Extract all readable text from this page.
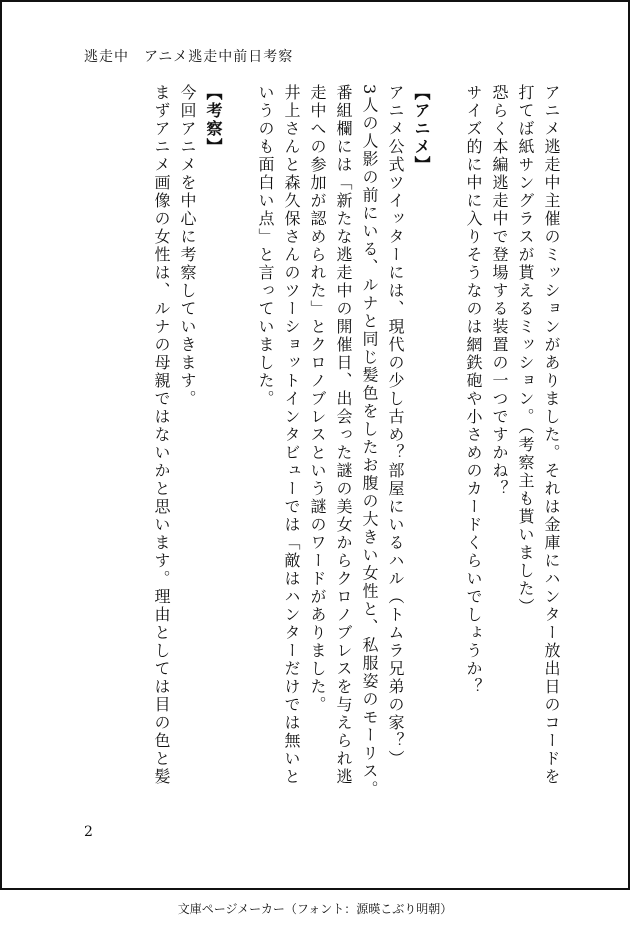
逃走中　アニメ逃走中前日考察

アニメ逃走中主催のミッションがありました。それは金庫にハンター放出日のコードを

打てば紙サングラスが貰えるミッション。（考察主も貰いました）

恐らく本編逃走中で登場する装置の一つですかね？

サイズ的に中に入りそうなのは網鉄砲や小さめのカードくらいでしょうか？

【アニメ】

アニメ公式ツイッターには、現代の少し古め？部屋にいるハル（トムラ兄弟の家？）

3人の人影の前にいる、ルナと同じ髪色をしたお腹の大きい女性と、私服姿のモーリス。

番組欄には「新たな逃走中の開催日、出会った謎の美女からクロノブレスを与えられ逃

走中への参加が認められた」とクロノブレスという謎のワードがありました。

井上さんと森久保さんのツーショットインタビューでは「敵はハンターだけでは無いと

いうのも面白い点」と言っていました。

【考察】

今回アニメを中心に考察していきます。

まずアニメ画像の女性は、ルナの母親ではないかと思います。理由としては目の色と髪

2
文庫ページメーカー（フォント：源暎こぶり明朝）
